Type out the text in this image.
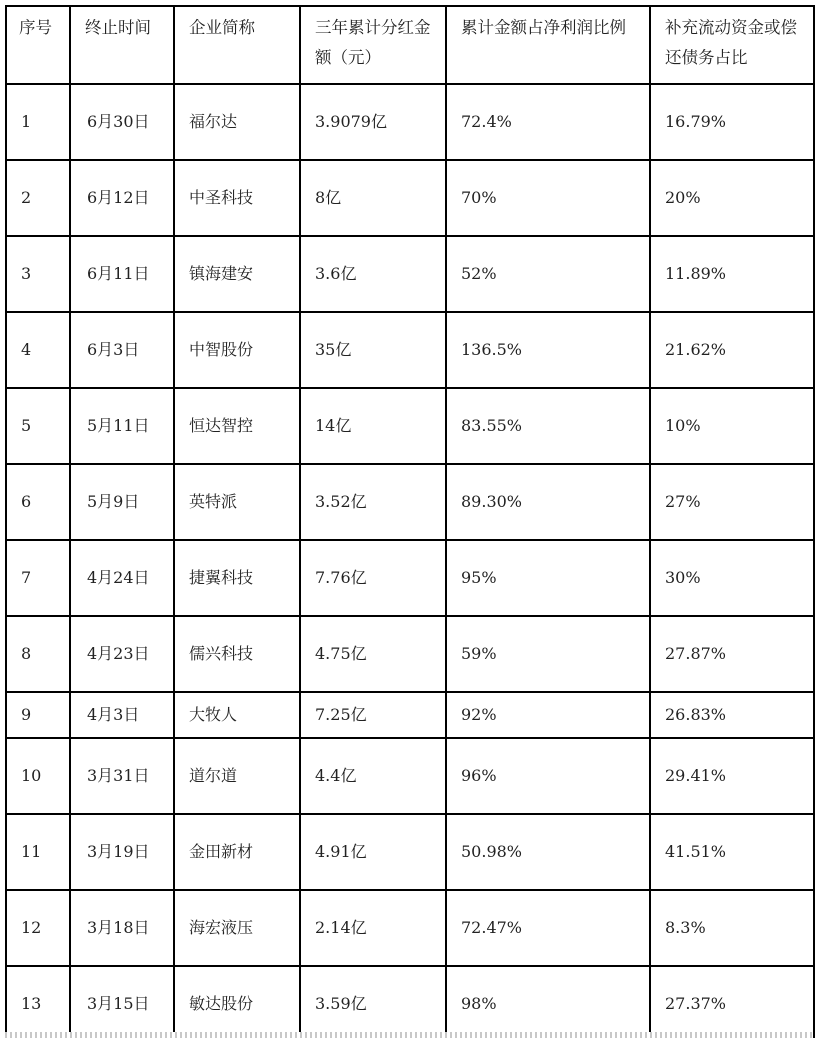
序号	终止时间	企业简称	三年累计分红金额（元）	累计金额占净利润比例	补充流动资金或偿还债务占比
1	6月30日	福尔达	3.9079亿	72.4%	16.79%
2	6月12日	中圣科技	8亿	70%	20%
3	6月11日	镇海建安	3.6亿	52%	11.89%
4	6月3日	中智股份	35亿	136.5%	21.62%
5	5月11日	恒达智控	14亿	83.55%	10%
6	5月9日	英特派	3.52亿	89.30%	27%
7	4月24日	捷翼科技	7.76亿	95%	30%
8	4月23日	儒兴科技	4.75亿	59%	27.87%
9	4月3日	大牧人	7.25亿	92%	26.83%
10	3月31日	道尔道	4.4亿	96%	29.41%
11	3月19日	金田新材	4.91亿	50.98%	41.51%
12	3月18日	海宏液压	2.14亿	72.47%	8.3%
13	3月15日	敏达股份	3.59亿	98%	27.37%
